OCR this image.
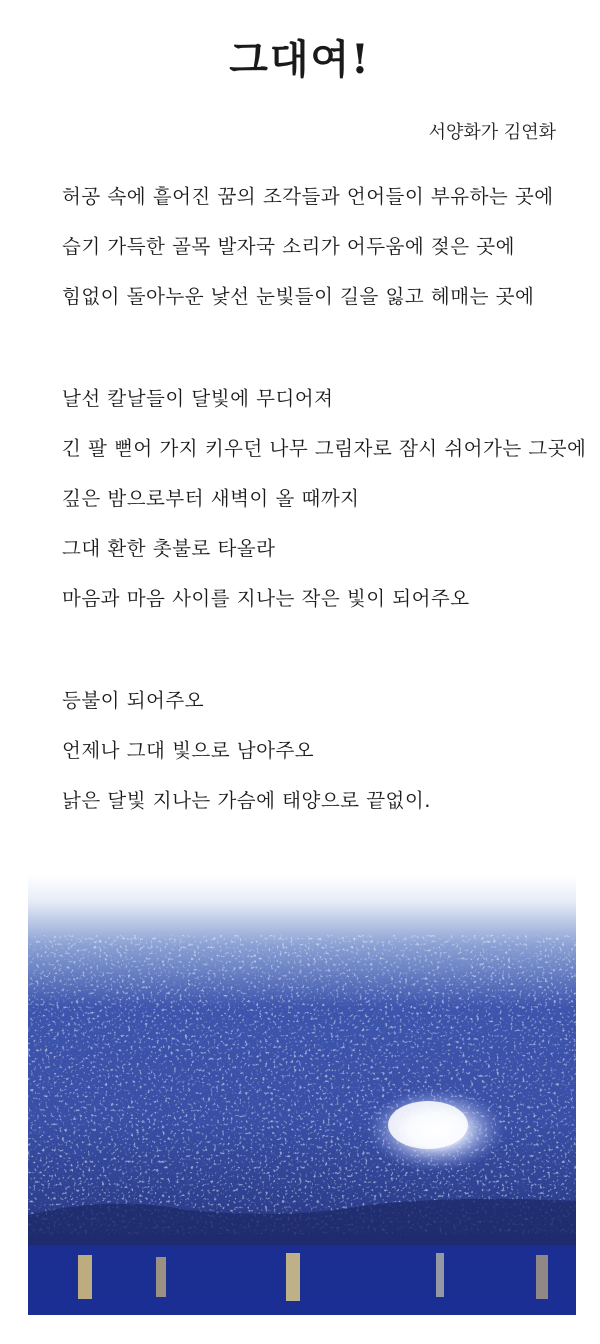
그대여!
서양화가 김연화
허공 속에 흩어진 꿈의 조각들과 언어들이 부유하는 곳에
습기 가득한 골목 발자국 소리가 어두움에 젖은 곳에
힘없이 돌아누운 낯선 눈빛들이 길을 잃고 헤매는 곳에
날선 칼날들이 달빛에 무디어져
긴 팔 뻗어 가지 키우던 나무 그림자로 잠시 쉬어가는 그곳에
깊은 밤으로부터 새벽이 올 때까지
그대 환한 촛불로 타올라
마음과 마음 사이를 지나는 작은 빛이 되어주오
등불이 되어주오
언제나 그대 빛으로 남아주오
낡은 달빛 지나는 가슴에 태양으로 끝없이.
